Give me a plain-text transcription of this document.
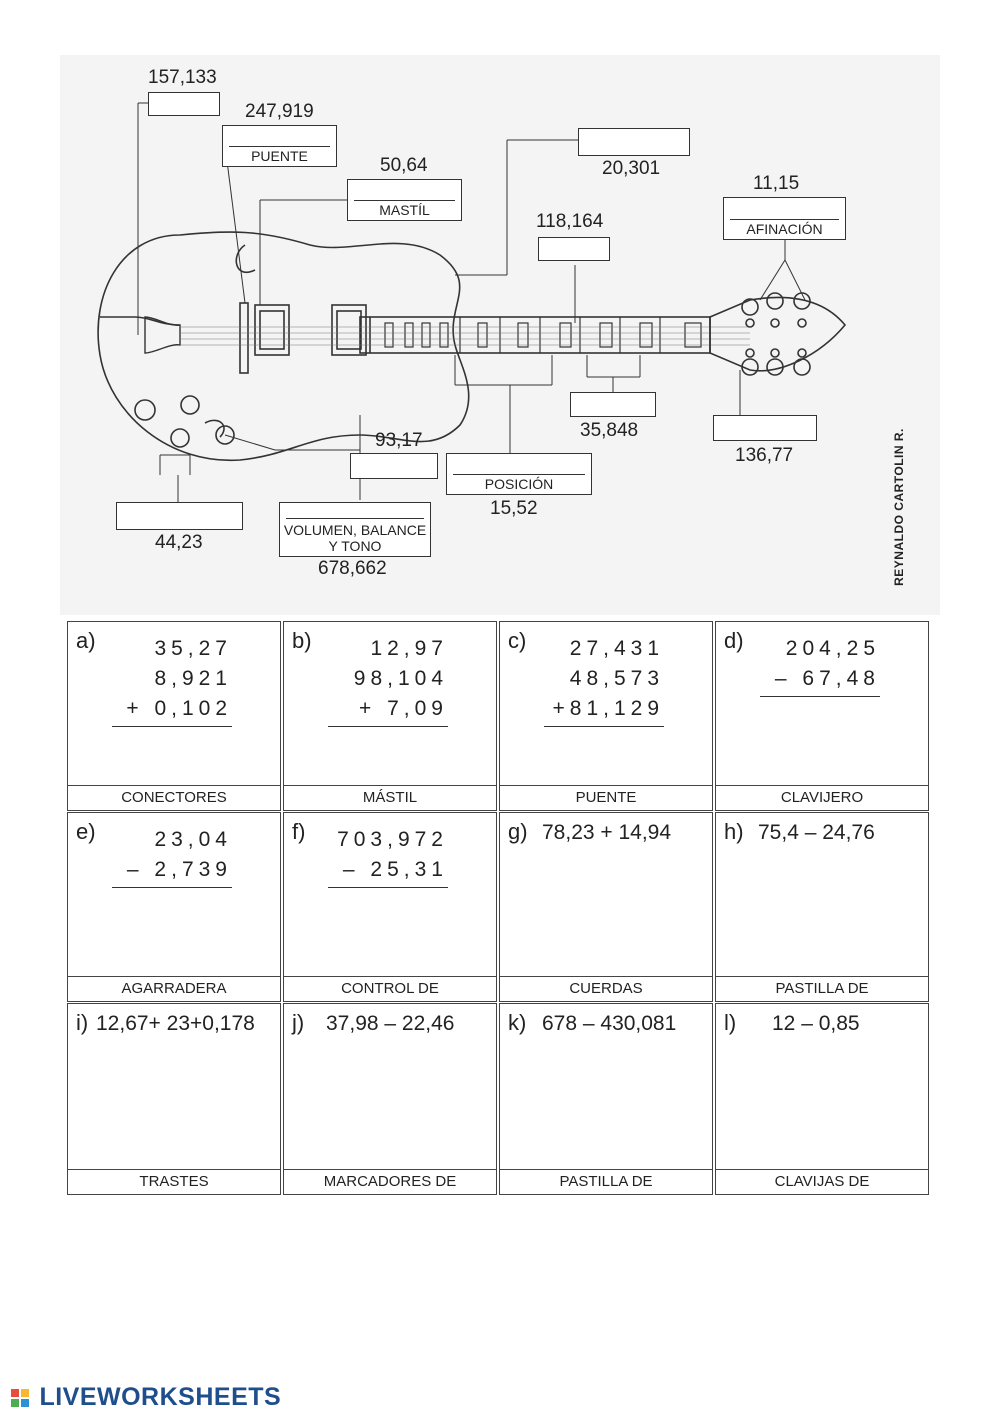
157,133
247,919
PUENTE	50,64
MASTÍL
20,301
11,15
AFINACIÓN
118,164
35,848
136,77
93,17
POSICIÓN
15,52
44,23
VOLUMEN, BALANCE Y TONO
678,662	REYNALDO CARTOLIN R.
a)	35,27
8,921
+ 0,102
CONECTORES
b)	12,97
98,104
+ 7,09
MÁSTIL
c)	27,431
48,573
+81,129
PUENTE
d)	204,25
– 67,48
CLAVIJERO
e)	23,04
– 2,739
AGARRADERA
f)	703,972
– 25,31
CONTROL DE
g) 78,23 + 14,94
CUERDAS
h) 75,4 – 24,76
PASTILLA DE
i) 12,67+ 23+0,178
TRASTES
j) 37,98 – 22,46
MARCADORES DE
k) 678 – 430,081
PASTILLA DE
l) 12 – 0,85
CLAVIJAS DE

LIVEWORKSHEETS
